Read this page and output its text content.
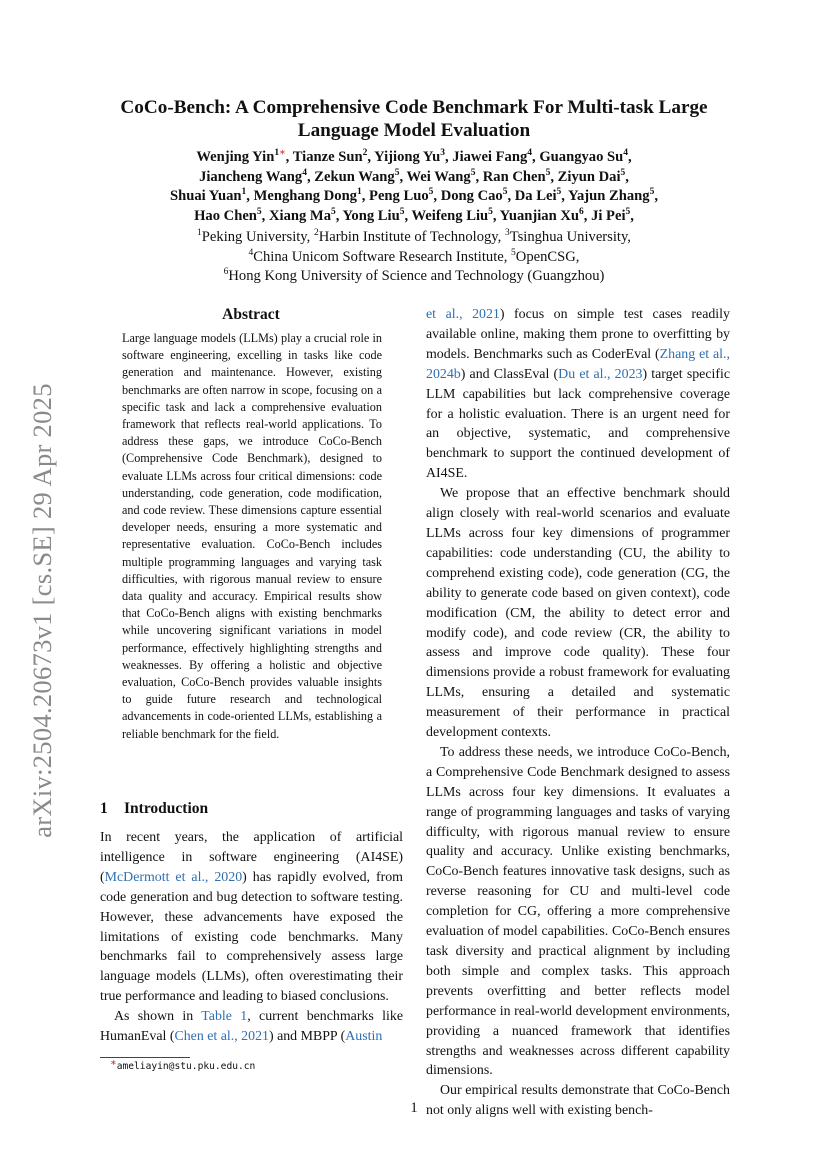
arXiv:2504.20673v1 [cs.SE] 29 Apr 2025
CoCo-Bench: A Comprehensive Code Benchmark For Multi-task Large Language Model Evaluation
Wenjing Yin$^{1∗}$, Tianze Sun$^2$, Yijiong Yu$^3$, Jiawei Fang$^4$, Guangyao Su$^4$,
Jiancheng Wang$^4$, Zekun Wang$^5$, Wei Wang$^5$, Ran Chen$^5$, Ziyun Dai$^5$,
Shuai Yuan$^1$, Menghang Dong$^1$, Peng Luo$^5$, Dong Cao$^5$, Da Lei$^5$, Yajun Zhang$^5$,
Hao Chen$^5$, Xiang Ma$^5$, Yong Liu$^5$, Weifeng Liu$^5$, Yuanjian Xu$^6$, Ji Pei$^5$,
$^1$Peking University, $^2$Harbin Institute of Technology, $^3$Tsinghua University,
$^4$China Unicom Software Research Institute, $^5$OpenCSG,
$^6$Hong Kong University of Science and Technology (Guangzhou)
Abstract

Large language models (LLMs) play a crucial role in software engineering, excelling in tasks like code generation and maintenance. However, existing benchmarks are often narrow in scope, focusing on a specific task and lack a comprehensive evaluation framework that reflects real-world applications. To address these gaps, we introduce CoCo-Bench (Comprehensive Code Benchmark), designed to evaluate LLMs across four critical dimensions: code understanding, code generation, code modification, and code review. These dimensions capture essential developer needs, ensuring a more systematic and representative evaluation. CoCo-Bench includes multiple programming languages and varying task difficulties, with rigorous manual review to ensure data quality and accuracy. Empirical results show that CoCo-Bench aligns with existing benchmarks while uncovering significant variations in model performance, effectively highlighting strengths and weaknesses. By offering a holistic and objective evaluation, CoCo-Bench provides valuable insights to guide future research and technological advancements in code-oriented LLMs, establishing a reliable benchmark for the field.

1 Introduction

In recent years, the application of artificial intelligence in software engineering (AI4SE) (McDermott et al., 2020) has rapidly evolved, from code generation and bug detection to software testing. However, these advancements have exposed the limitations of existing code benchmarks. Many benchmarks fail to comprehensively assess large language models (LLMs), often overestimating their true performance and leading to biased conclusions.

As shown in Table 1, current benchmarks like HumanEval (Chen et al., 2021) and MBPP (Austin

et al., 2021) focus on simple test cases readily available online, making them prone to overfitting by models. Benchmarks such as CoderEval (Zhang et al., 2024b) and ClassEval (Du et al., 2023) target specific LLM capabilities but lack comprehensive coverage for a holistic evaluation. There is an urgent need for an objective, systematic, and comprehensive benchmark to support the continued development of AI4SE.

We propose that an effective benchmark should align closely with real-world scenarios and evaluate LLMs across four key dimensions of programmer capabilities: code understanding (CU, the ability to comprehend existing code), code generation (CG, the ability to generate code based on given context), code modification (CM, the ability to detect error and modify code), and code review (CR, the ability to assess and improve code quality). These four dimensions provide a robust framework for evaluating LLMs, ensuring a detailed and systematic measurement of their performance in practical development contexts.

To address these needs, we introduce CoCo-Bench, a Comprehensive Code Benchmark designed to assess LLMs across four key dimensions. It evaluates a range of programming languages and tasks of varying difficulty, with rigorous manual review to ensure quality and accuracy. Unlike existing benchmarks, CoCo-Bench features innovative task designs, such as reverse reasoning for CU and multi-level code completion for CG, offering a more comprehensive evaluation of model capabilities. CoCo-Bench ensures task diversity and practical alignment by including both simple and complex tasks. This approach prevents overfitting and better reflects model performance in real-world development environments, providing a nuanced framework that identifies strengths and weaknesses across different capability dimensions.

Our empirical results demonstrate that CoCo-Bench not only aligns well with existing bench-

∗ameliayin@stu.pku.edu.cn
1
